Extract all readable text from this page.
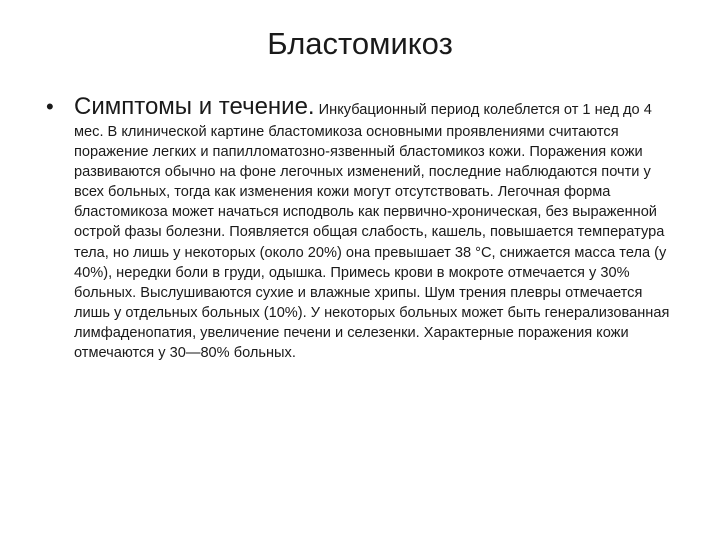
Бластомикоз
• Симптомы и течение. Инкубационный период колеблется от 1 нед до 4 мес. В клинической картине бластомикоза основными проявлениями считаются поражение легких и папилломатозно-язвенный бластомикоз кожи. Поражения кожи развиваются обычно на фоне легочных изменений, последние наблюдаются почти у всех больных, тогда как изменения кожи могут отсутствовать. Легочная форма бластомикоза может начаться исподволь как первично-хроническая, без выраженной острой фазы болезни. Появляется общая слабость, кашель, повышается температура тела, но лишь у некоторых (около 20%) она превышает 38 °С, снижается масса тела (у 40%), нередки боли в груди, одышка. Примесь крови в мокроте отмечается у 30% больных. Выслушиваются сухие и влажные хрипы. Шум трения плевры отмечается лишь у отдельных больных (10%). У некоторых больных может быть генерализованная лимфаденопатия, увеличение печени и селезенки. Характерные поражения кожи отмечаются у 30—80% больных.
